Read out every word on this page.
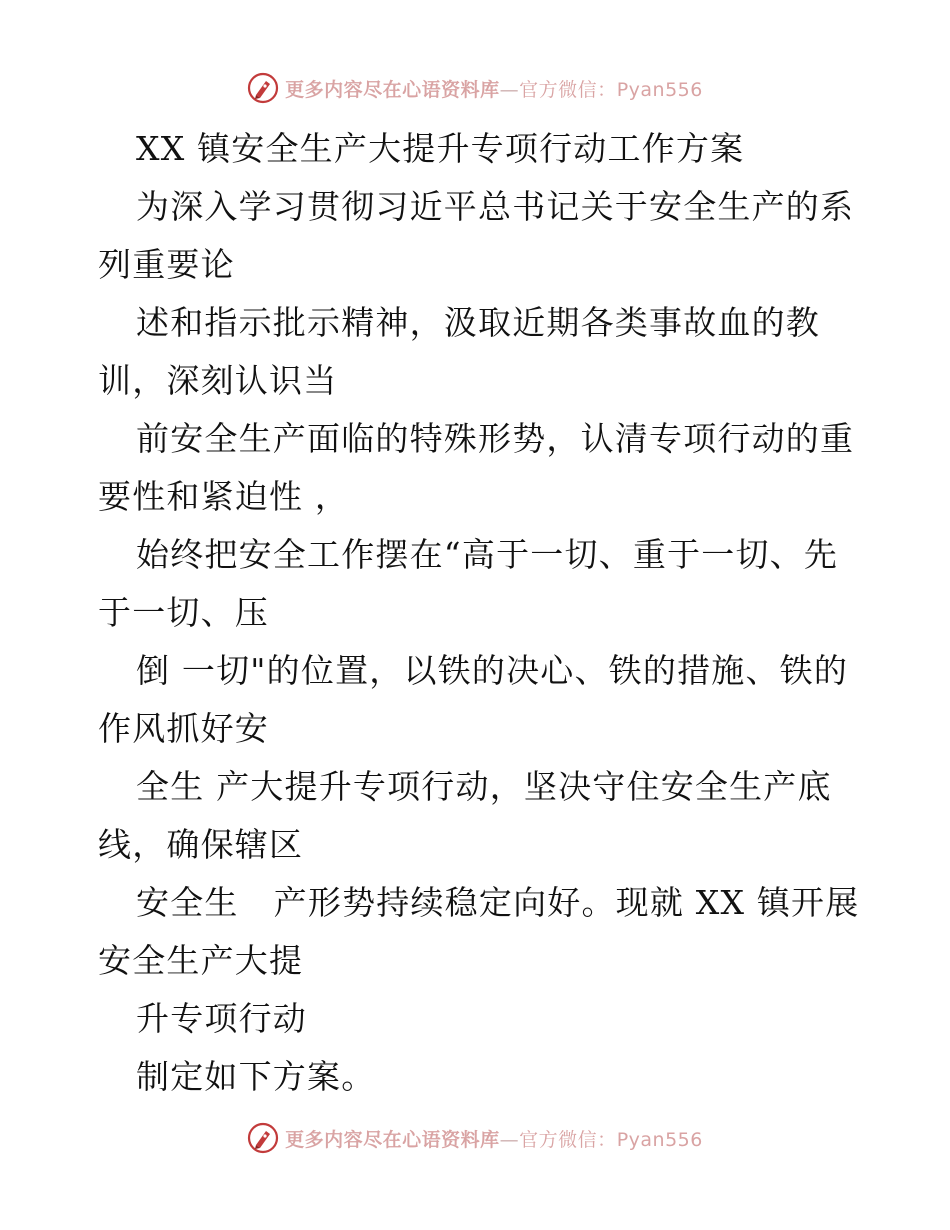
更多内容尽在心语资料库—官方微信：Pyan556
XX 镇安全生产大提升专项行动工作方案
为深入学习贯彻习近平总书记关于安全生产的系
列重要论
述和指示批示精神，汲取近期各类事故血的教
训，深刻认识当
前安全生产面临的特殊形势，认清专项行动的重
要性和紧迫性 ，
始终把安全工作摆在“高于一切、重于一切、先
于一切、压
倒 一切"的位置，以铁的决心、铁的措施、铁的
作风抓好安
全生 产大提升专项行动，坚决守住安全生产底
线，确保辖区
安全生   产形势持续稳定向好。现就 XX 镇开展
安全生产大提
升专项行动
制定如下方案。
更多内容尽在心语资料库—官方微信：Pyan556
